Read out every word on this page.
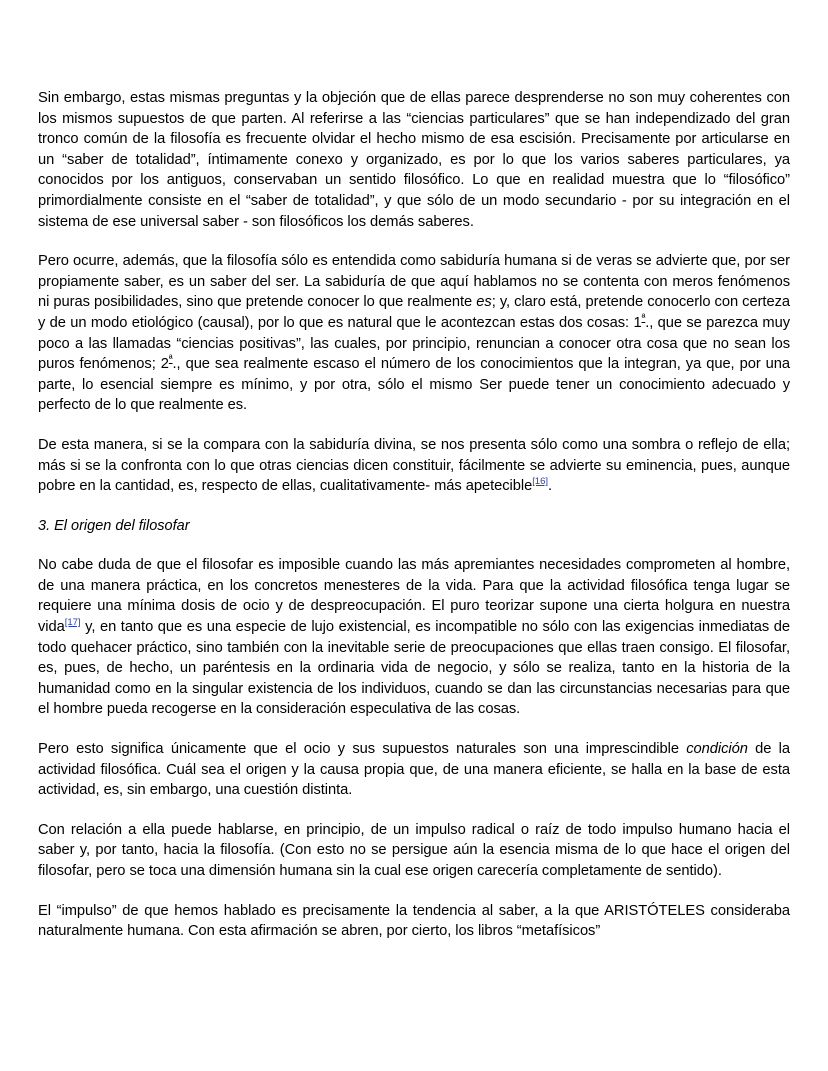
Sin embargo, estas mismas preguntas y la objeción que de ellas parece desprenderse no son muy coherentes con los mismos supuestos de que parten. Al referirse a las “ciencias particulares” que se han independizado del gran tronco común de la filosofía es frecuente olvidar el hecho mismo de esa escisión. Precisamente por articularse en un “saber de totalidad”, íntimamente conexo y organizado, es por lo que los varios saberes particulares, ya conocidos por los antiguos, conservaban un sentido filosófico. Lo que en realidad muestra que lo “filosófico” primordialmente consiste en el “saber de totalidad”, y que sólo de un modo secundario - por su integración en el sistema de ese universal saber - son filosóficos los demás saberes.

Pero ocurre, además, que la filosofía sólo es entendida como sabiduría humana si de veras se advierte que, por ser propiamente saber, es un saber del ser. La sabiduría de que aquí hablamos no se contenta con meros fenómenos ni puras posibilidades, sino que pretende conocer lo que realmente es; y, claro está, pretende conocerlo con certeza y de un modo etiológico (causal), por lo que es natural que le acontezcan estas dos cosas: $1^ª$., que se parezca muy poco a las llamadas “ciencias positivas”, las cuales, por principio, renuncian a conocer otra cosa que no sean los puros fenómenos; $2^ª$., que sea realmente escaso el número de los conocimientos que la integran, ya que, por una parte, lo esencial siempre es mínimo, y por otra, sólo el mismo Ser puede tener un conocimiento adecuado y perfecto de lo que realmente es.

De esta manera, si se la compara con la sabiduría divina, se nos presenta sólo como una sombra o reflejo de ella; más si se la confronta con lo que otras ciencias dicen constituir, fácilmente se advierte su eminencia, pues, aunque pobre en la cantidad, es, respecto de ellas, cualitativamente- más apetecible[16].

3. El origen del filosofar

No cabe duda de que el filosofar es imposible cuando las más apremiantes necesidades comprometen al hombre, de una manera práctica, en los concretos menesteres de la vida. Para que la actividad filosófica tenga lugar se requiere una mínima dosis de ocio y de despreocupación. El puro teorizar supone una cierta holgura en nuestra vida[17] y, en tanto que es una especie de lujo existencial, es incompatible no sólo con las exigencias inmediatas de todo quehacer práctico, sino también con la inevitable serie de preocupaciones que ellas traen consigo. El filosofar, es, pues, de hecho, un paréntesis en la ordinaria vida de negocio, y sólo se realiza, tanto en la historia de la humanidad como en la singular existencia de los individuos, cuando se dan las circunstancias necesarias para que el hombre pueda recogerse en la consideración especulativa de las cosas.

Pero esto significa únicamente que el ocio y sus supuestos naturales son una imprescindible condición de la actividad filosófica. Cuál sea el origen y la causa propia que, de una manera eficiente, se halla en la base de esta actividad, es, sin embargo, una cuestión distinta.

Con relación a ella puede hablarse, en principio, de un impulso radical o raíz de todo impulso humano hacia el saber y, por tanto, hacia la filosofía. (Con esto no se persigue aún la esencia misma de lo que hace el origen del filosofar, pero se toca una dimensión humana sin la cual ese origen carecería completamente de sentido).

El “impulso” de que hemos hablado es precisamente la tendencia al saber, a la que ARISTÓTELES consideraba naturalmente humana. Con esta afirmación se abren, por cierto, los libros “metafísicos”
